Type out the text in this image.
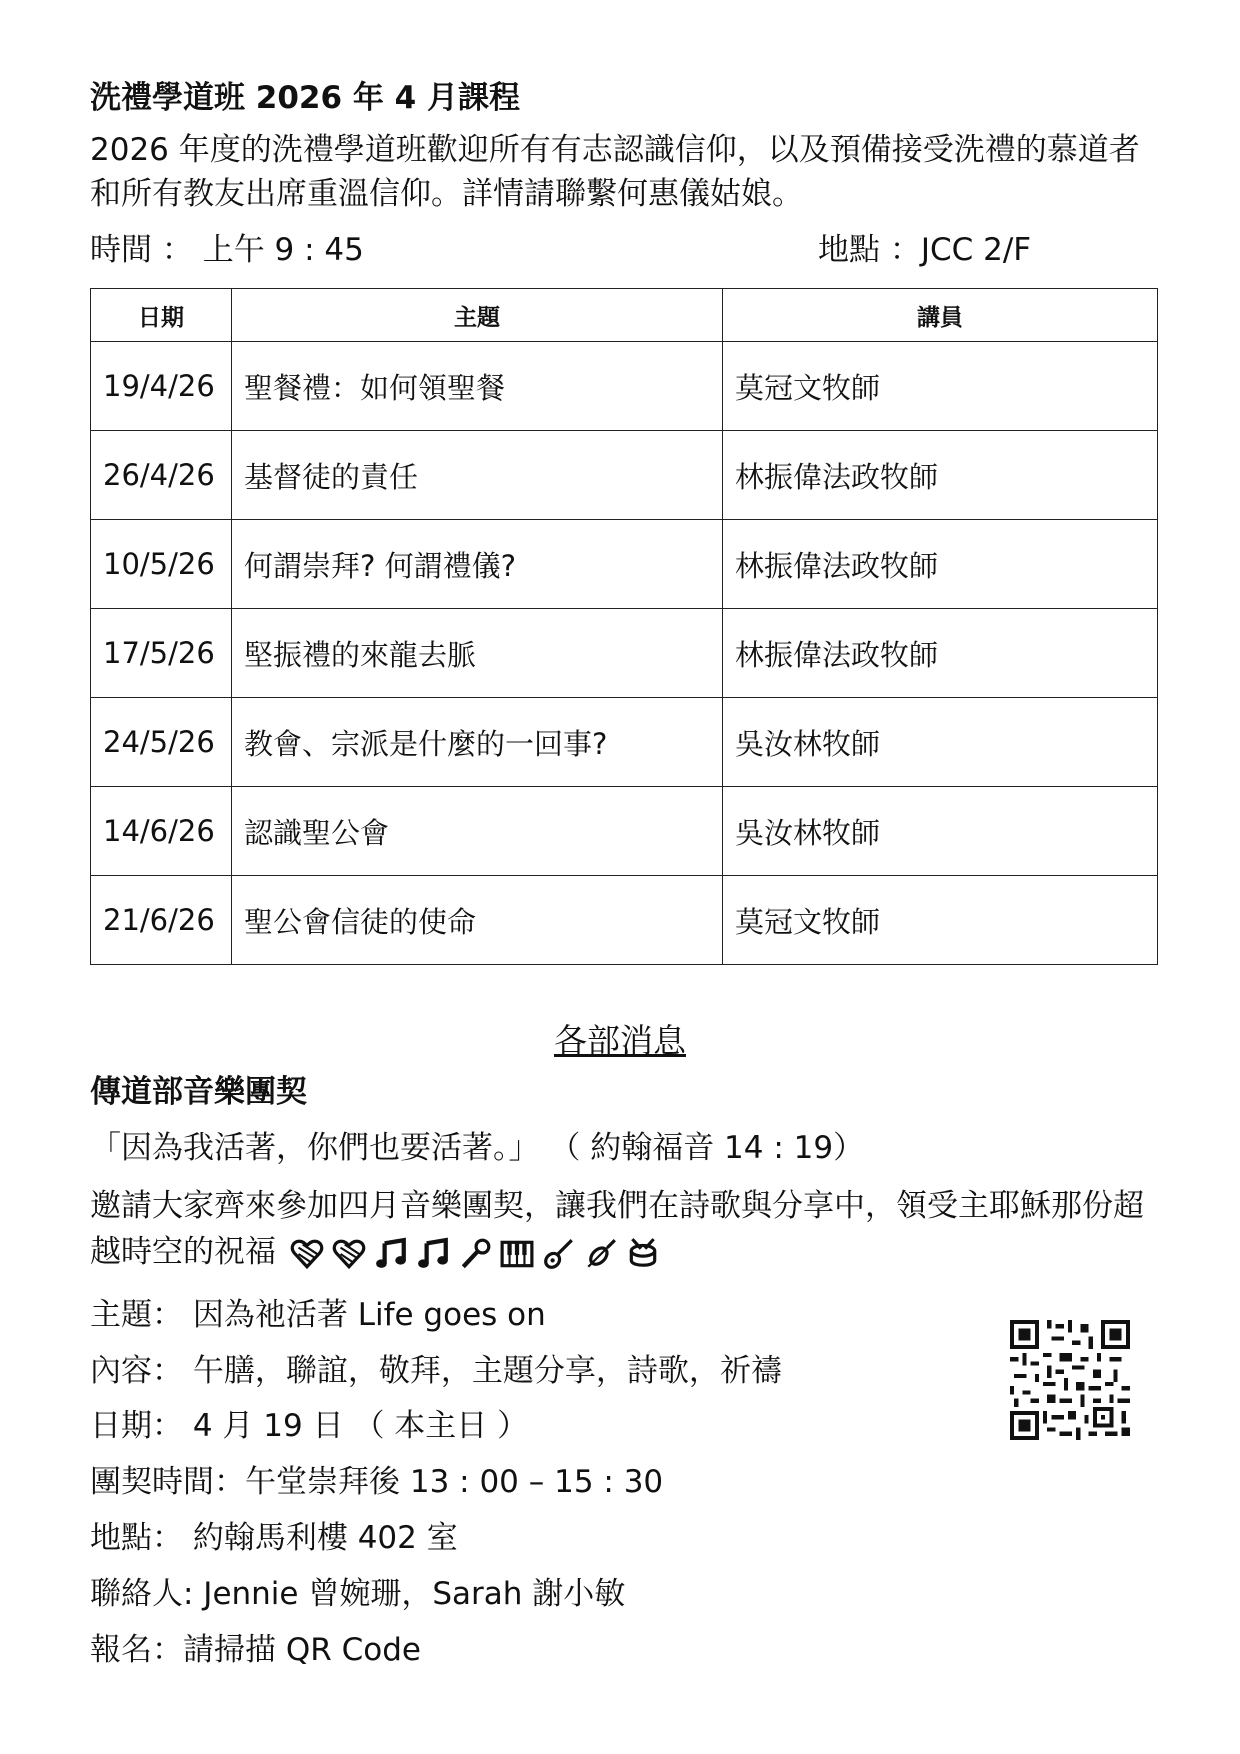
洗禮學道班 2026 年 4 月課程
2026 年度的洗禮學道班歡迎所有有志認識信仰，以及預備接受洗禮的慕道者和所有教友出席重溫信仰。詳情請聯繫何惠儀姑娘。
時間 ： 上午 9 : 45	地點 ：JCC 2/F
日期	主題	講員
19/4/26	聖餐禮：如何領聖餐	莫冠文牧師
26/4/26	基督徒的責任	林振偉法政牧師
10/5/26	何謂崇拜? 何謂禮儀?	林振偉法政牧師
17/5/26	堅振禮的來龍去脈	林振偉法政牧師
24/5/26	教會、宗派是什麼的一回事?	吳汝林牧師
14/6/26	認識聖公會	吳汝林牧師
21/6/26	聖公會信徒的使命	莫冠文牧師
各部消息
傳道部音樂團契
「因為我活著，你們也要活著。」 （ 約翰福音 14 : 19）
邀請大家齊來參加四月音樂團契，讓我們在詩歌與分享中，領受主耶穌那份超越時空的祝福
主題： 因為祂活著 Life goes on
內容： 午膳，聯誼，敬拜，主題分享，詩歌，祈禱
日期： 4 月 19 日 （ 本主日 ）
團契時間：午堂崇拜後 13 : 00 – 15 : 30
地點： 約翰馬利樓 402 室
聯絡人: Jennie 曾婉珊，Sarah 謝小敏
報名：請掃描 QR Code
